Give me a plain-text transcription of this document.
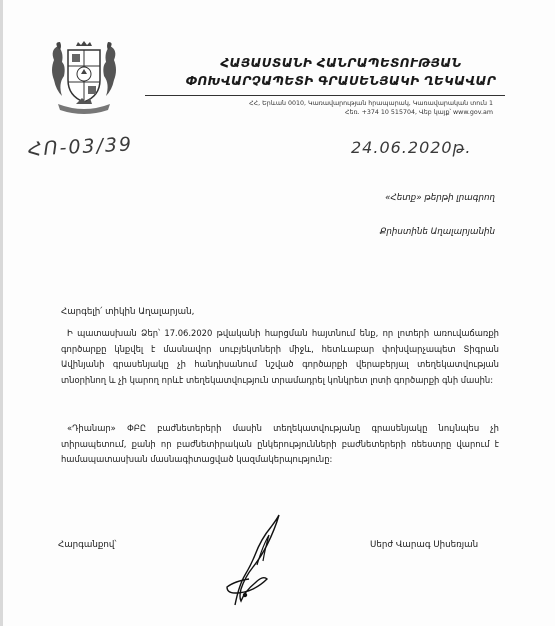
ՀԱՅԱՍՏԱՆԻ ՀԱՆՐԱՊԵՏՈՒԹՅԱՆ
ՓՈԽՎԱՐՉԱՊԵՏԻ ԳՐԱՍԵՆՅԱԿԻ ՂԵԿԱՎԱՐ
ՀՀ, Երևան 0010, Կառավարության հրապարակ, Կառավարական տուն 1
Հեռ. +374 10 515704, Վեբ կայք՝ www.gov.am
ՀՈ-03/39	24.06.2020թ.
«Հետք» թերթի լրագրող
Քրիստինե Աղալարյանին
Հարգելի՛ տիկին Աղալարյան,
Ի պատասխան Ձեր՝ 17.06.2020 թվականի հարցման հայտնում ենք, որ լոտերի առուվաճառքի գործարքը կնքվել է մասնավոր սուբյեկտների միջև, հետևաբար փոխվարչապետ Տիգրան Ավինյանի գրասենյակը չի հանդիսանում նշված գործարքի վերաբերյալ տեղեկատվության տնօրինող և չի կարող որևէ տեղեկատվություն տրամադրել կոնկրետ լոտի գործարքի գնի մասին:
«Դիանար» ՓԲԸ բաժնետերերի մասին տեղեկատվությանը գրասենյակը նույնպես չի տիրապետում, քանի որ բաժնետիրական ընկերությունների բաժնետերերի ռեեստրը վարում է համապատասխան մասնագիտացված կազմակերպությունը:
Հարգանքով՝	Սերժ Վարագ Սիսեռյան
